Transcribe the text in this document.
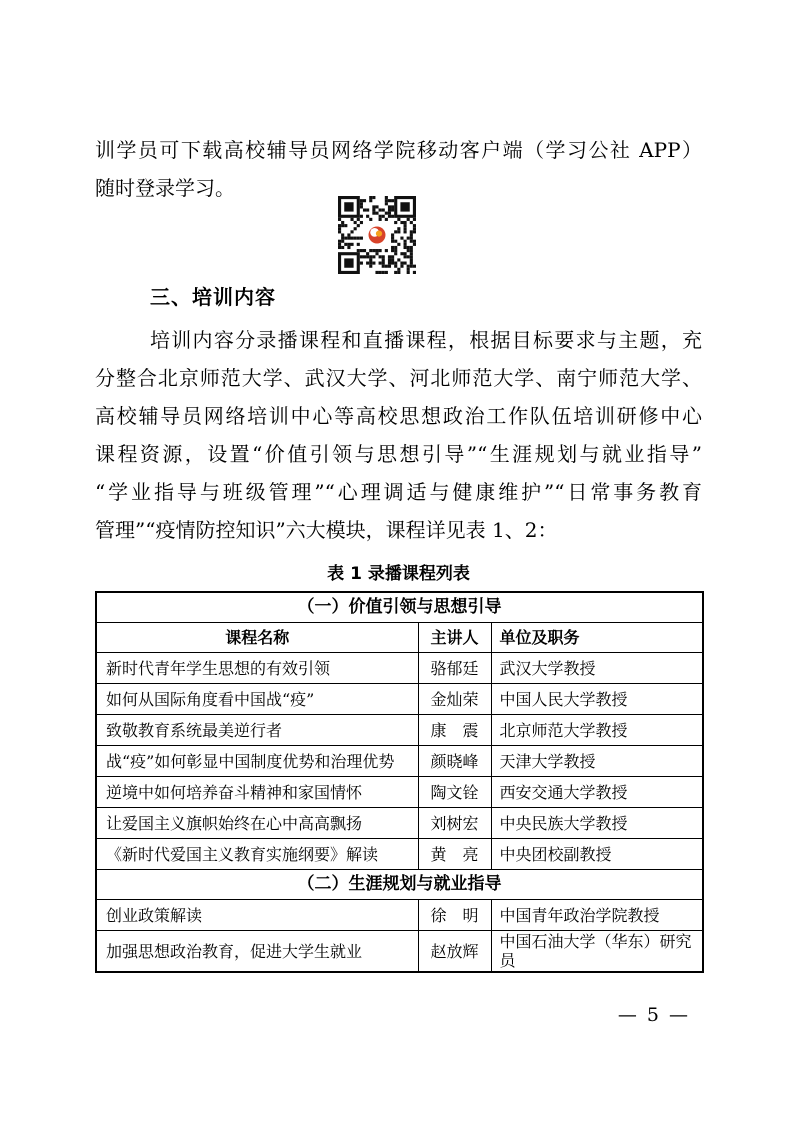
训学员可下载高校辅导员网络学院移动客户端（学习公社 APP）
随时登录学习。
三、培训内容
培训内容分录播课程和直播课程，根据目标要求与主题，充
分整合北京师范大学、武汉大学、河北师范大学、南宁师范大学、
高校辅导员网络培训中心等高校思想政治工作队伍培训研修中心
课程资源，设置“价值引领与思想引导”“生涯规划与就业指导”
“学业指导与班级管理”“心理调适与健康维护”“日常事务教育
管理”“疫情防控知识”六大模块，课程详见表 1、2：
表 1 录播课程列表
（一）价值引领与思想引导		
课程名称	主讲人	单位及职务
新时代青年学生思想的有效引领	骆郁廷	武汉大学教授
如何从国际角度看中国战“疫”	金灿荣	中国人民大学教授
致敬教育系统最美逆行者	康　震	北京师范大学教授
战“疫”如何彰显中国制度优势和治理优势	颜晓峰	天津大学教授
逆境中如何培养奋斗精神和家国情怀	陶文铨	西安交通大学教授
让爱国主义旗帜始终在心中高高飘扬	刘树宏	中央民族大学教授
《新时代爱国主义教育实施纲要》解读	黄　亮	中央团校副教授
（二）生涯规划与就业指导		
创业政策解读	徐　明	中国青年政治学院教授
加强思想政治教育，促进大学生就业	赵放辉	中国石油大学（华东）研究员
— 5 —
